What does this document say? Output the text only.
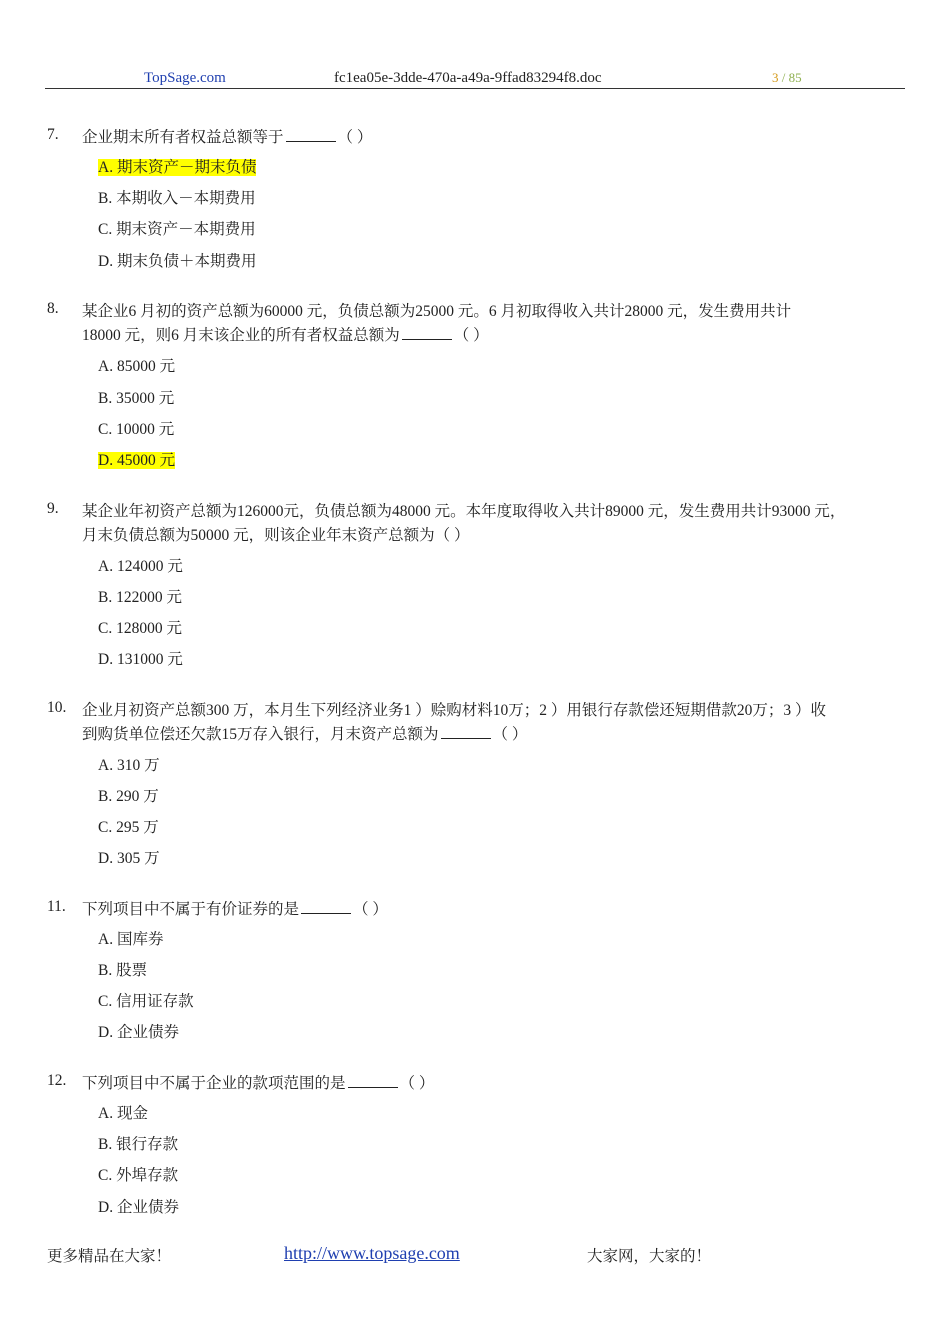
TopSage.com	fc1ea05e-3dde-470a-a49a-9ffad83294f8.doc	3 / 85
7. 企业期末所有者权益总额等于	（ ）
A. 期末资产－期末负债
B. 本期收入－本期费用
C. 期末资产－本期费用
D. 期末负债＋本期费用
8. 某企业6 月初的资产总额为60000 元，负债总额为25000 元。6 月初取得收入共计28000 元，发生费用共计
18000 元，则6 月末该企业的所有者权益总额为	（ ）
A. 85000 元
B. 35000 元
C. 10000 元
D. 45000 元
9. 某企业年初资产总额为126000元，负债总额为48000 元。本年度取得收入共计89000 元，发生费用共计93000 元，
月末负债总额为50000 元，则该企业年末资产总额为（ ）
A. 124000 元
B. 122000 元
C. 128000 元
D. 131000 元
10. 企业月初资产总额300 万，本月生下列经济业务1 ）赊购材料10万；2 ）用银行存款偿还短期借款20万；3 ）收
到购货单位偿还欠款15万存入银行，月末资产总额为	（ ）
A. 310 万
B. 290 万
C. 295 万
D. 305 万
11. 下列项目中不属于有价证券的是	（ ）
A. 国库券
B. 股票
C. 信用证存款
D. 企业债券
12. 下列项目中不属于企业的款项范围的是	（ ）
A. 现金
B. 银行存款
C. 外埠存款
D. 企业债券
更多精品在大家！	http://www.topsage.com	大家网，大家的！
